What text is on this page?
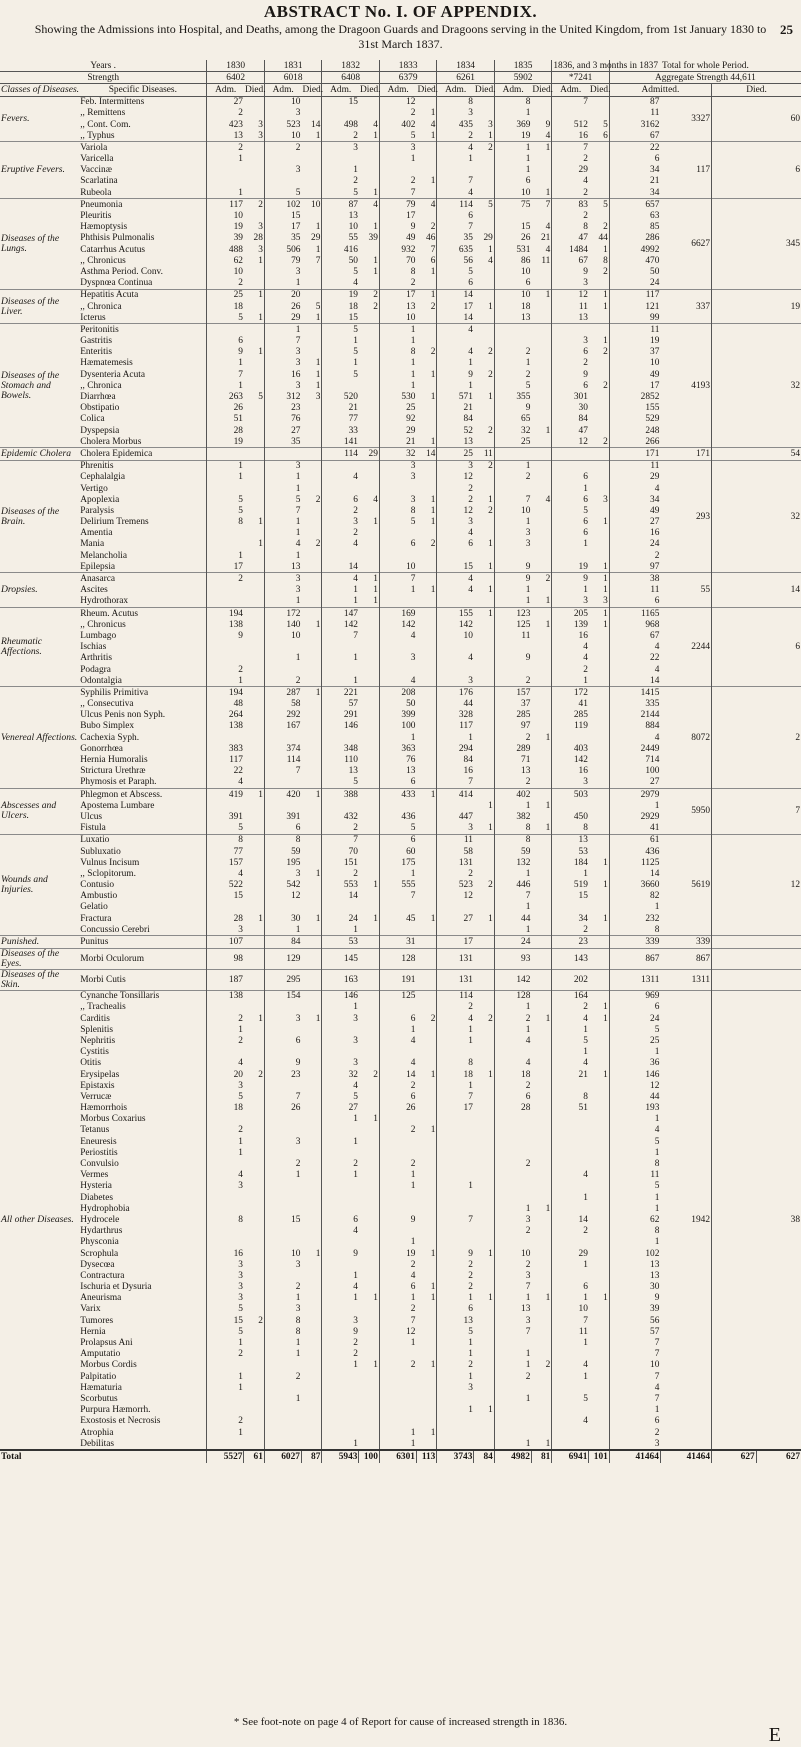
ABSTRACT No. I. OF APPENDIX.
25
Showing the Admissions into Hospital, and Deaths, among the Dragoon Guards and Dragoons serving in the United Kingdom, from 1st January 1830 to 31st March 1837.
Years .		1830		1831		1832		1833		1834		1835		1836, and 3 months in 1837		Total for whole Period.			
Strength		6402		6018		6408		6379		6261		5902		*7241		Aggregate Strength 44,611			
Classes of Diseases.	Specific Diseases.	Adm.	Died.	Adm.	Died.	Adm.	Died.	Adm.	Died.	Adm.	Died.	Adm.	Died.	Adm.	Died.	Admitted.		Died.	
Fevers.	Feb. Intermittens	27		10		15		12		8		8		7		87	3327	60	
	,, Remittens	2		3				2	1	3		1				11			
	,, Cont. Com.	423	3	523	14	498	4	402	4	435	3	369	9	512	5	3162			
	,, Typhus	13	3	10	1	2	1	5	1	2	1	19	4	16	6	67			
Eruptive Fevers.	Variola	2		2		3		3		4	2	1	1	7		22	117	6	
	Varicella	1						1		1		1		2		6			
	Vaccinæ			3		1						1		29		34			
	Scarlatina					2		2	1	7		6		4		21			
	Rubeola	1		5		5	1	7		4		10	1	2		34			
Diseases of the Lungs.	Pneumonia	117	2	102	10	87	4	79	4	114	5	75	7	83	5	657	6627	345	
	Pleuritis	10		15		13		17		6				2		63			
	Hæmoptysis	19	3	17	1	10	1	9	2	7		15	4	8	2	85			
	Phthisis Pulmonalis	39	28	35	29	55	39	49	46	35	29	26	21	47	44	286			
	Catarrhus Acutus	488	3	506	1	416		932	7	635	1	531	4	1484	1	4992			
	,, Chronicus	62	1	79	7	50	1	70	6	56	4	86	11	67	8	470			
	Asthma Period. Conv.	10		3		5	1	8	1	5		10		9	2	50			
	Dyspnœa Continua	2		1		4		2		6		6		3		24			
Diseases of the Liver.	Hepatitis Acuta	25	1	20		19	2	17	1	14		10	1	12	1	117	337	19	
	,, Chronica	18		26	5	18	2	13	2	17	1	18		11	1	121			
	Icterus	5	1	29	1	15		10		14		13		13		99			
Diseases of the Stomach and Bowels.	Peritonitis			1		5		1		4						11	4193	32	
	Gastritis	6		7		1		1						3	1	19			
	Enteritis	9	1	3		5		8	2	4	2	2		6	2	37			
	Hæmatemesis	1		3	1	1		1		1		1		2		10			
	Dysenteria Acuta	7		16	1	5		1	1	9	2	2		9		49			
	,, Chronica	1		3	1			1		1		5		6	2	17			
	Diarrhœa	263	5	312	3	520		530	1	571	1	355		301		2852			
	Obstipatio	26		23		21		25		21		9		30		155			
	Colica	51		76		77		92		84		65		84		529			
	Dyspepsia	28		27		33		29		52	2	32	1	47		248			
	Cholera Morbus	19		35		141		21	1	13		25		12	2	266			
Epidemic Cholera	Cholera Epidemica					114	29	32	14	25	11					171	171	54	
Diseases of the Brain.	Phrenitis	1		3				3		3	2	1				11	293	32	
	Cephalalgia	1		1		4		3		12		2		6		29			
	Vertigo			1						2				1		4			
	Apoplexia	5		5	2	6	4	3	1	2	1	7	4	6	3	34			
	Paralysis	5		7		2		8	1	12	2	10		5		49			
	Delirium Tremens	8	1	1		3	1	5	1	3		1		6	1	27			
	Amentia			1		2				4		3		6		16			
	Mania		1	4	2	4		6	2	6	1	3		1		24			
	Melancholia	1		1												2			
	Epilepsia	17		13		14		10		15	1	9		19	1	97			
Dropsies.	Anasarca	2		3		4	1	7		4		9	2	9	1	38	55	14	
	Ascites			3		1	1	1	1	4	1	1		1	1	11			
	Hydrothorax			1		1	1					1	1	3	3	6			
Rheumatic Affections.	Rheum. Acutus	194		172		147		169		155	1	123		205	1	1165	2244	6	
	,, Chronicus	138		140	1	142		142		142		125	1	139	1	968			
	Lumbago	9		10		7		4		10		11		16		67			
	Ischias													4		4			
	Arthritis			1		1		3		4		9		4		22			
	Podagra	2												2		4			
	Odontalgia	1		2		1		4		3		2		1		14			
Venereal Affections.	Syphilis Primitiva	194		287	1	221		208		176		157		172		1415	8072	2	
	,, Consecutiva	48		58		57		50		44		37		41		335			
	Ulcus Penis non Syph.	264		292		291		399		328		285		285		2144			
	Bubo Simplex	138		167		146		100		117		97		119		884			
	Cachexia Syph.							1		1		2	1			4			
	Gonorrhœa	383		374		348		363		294		289		403		2449			
	Hernia Humoralis	117		114		110		76		84		71		142		714			
	Strictura Urethræ	22		7		13		13		16		13		16		100			
	Phymosis et Paraph.	4				5		6		7		2		3		27			
Abscesses and Ulcers.	Phlegmon et Abscess.	419	1	420	1	388		433	1	414		402		503		2979	5950	7	
	Apostema Lumbare										1	1	1			1			
	Ulcus	391		391		432		436		447		382		450		2929			
	Fistula	5		6		2		5		3	1	8	1	8		41			
Wounds and Injuries.	Luxatio	8		8		7		6		11		8		13		61	5619	12	
	Subluxatio	77		59		70		60		58		59		53		436			
	Vulnus Incisum	157		195		151		175		131		132		184	1	1125			
	,, Sclopitorum.	4		3	1	2		1		2		1		1		14			
	Contusio	522		542		553	1	555		523	2	446		519	1	3660			
	Ambustio	15		12		14		7		12		7		15		82			
	Gelatio											1				1			
	Fractura	28	1	30	1	24	1	45	1	27	1	44		34	1	232			
	Concussio Cerebri	3		1		1						1		2		8			
Punished.	Punitus	107		84		53		31		17		24		23		339	339		
Diseases of the Eyes.	Morbi Oculorum	98		129		145		128		131		93		143		867	867		
Diseases of the Skin.	Morbi Cutis	187		295		163		191		131		142		202		1311	1311		
All other Diseases.	Cynanche Tonsillaris	138		154		146		125		114		128		164		969	1942	38	
	,, Trachealis					1				2		1		2	1	6			
	Carditis	2	1	3	1	3		6	2	4	2	2	1	4	1	24			
	Splenitis	1						1		1		1		1		5			
	Nephritis	2		6		3		4		1		4		5		25			
	Cystitis													1		1			
	Otitis	4		9		3		4		8		4		4		36			
	Erysipelas	20	2	23		32	2	14	1	18	1	18		21	1	146			
	Epistaxis	3				4		2		1		2				12			
	Verrucæ	5		7		5		6		7		6		8		44			
	Hæmorrhois	18		26		27		26		17		28		51		193			
	Morbus Coxarius					1	1									1			
	Tetanus	2						2	1							4			
	Eneuresis	1		3		1										5			
	Periostitis	1														1			
	Convulsio			2		2		2				2				8			
	Vermes	4		1		1		1						4		11			
	Hysteria	3						1		1						5			
	Diabetes													1		1			
	Hydrophobia											1	1			1			
	Hydrocele	8		15		6		9		7		3		14		62			
	Hydarthrus					4						2		2		8			
	Physconia							1								1			
	Scrophula	16		10	1	9		19	1	9	1	10		29		102			
	Dysecœa	3		3				2		2		2		1		13			
	Contractura	3				1		4		2		3				13			
	Ischuria et Dysuria	3		2		4		6	1	2		7		6		30			
	Aneurisma	3		1		1	1	1	1	1	1	1	1	1	1	9			
	Varix	5		3				2		6		13		10		39			
	Tumores	15	2	8		3		7		13		3		7		56			
	Hernia	5		8		9		12		5		7		11		57			
	Prolapsus Ani	1		1		2		1		1				1		7			
	Amputatio	2		1		2				1		1				7			
	Morbus Cordis					1	1	2	1	2		1	2	4		10			
	Palpitatio	1		2						1		2		1		7			
	Hæmaturia	1								3						4			
	Scorbutus			1								1		5		7			
	Purpura Hæmorrh.									1	1					1			
	Exostosis et Necrosis	2												4		6			
	Atrophia	1						1	1							2			
	Debilitas					1		1				1	1			3			
Total		5527	61	6027	87	5943	100	6301	113	3743	84	4982	81	6941	101	41464	41464	627	627
* See foot-note on page 4 of Report for cause of increased strength in 1836.
E
